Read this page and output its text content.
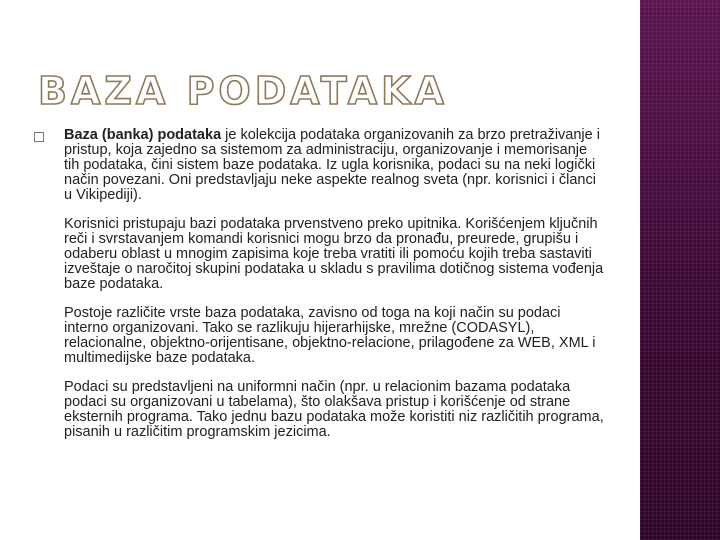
BAZA PODATAKA
Baza (banka) podataka je kolekcija podataka organizovanih za brzo pretraživanje i pristup, koja zajedno sa sistemom za administraciju, organizovanje i memorisanje tih podataka, čini sistem baze podataka. Iz ugla korisnika, podaci su na neki logički način povezani. Oni predstavljaju neke aspekte realnog sveta (npr. korisnici i članci u Vikipediji).
Korisnici pristupaju bazi podataka prvenstveno preko upitnika. Korišćenjem ključnih reči i svrstavanjem komandi korisnici mogu brzo da pronađu, preurede, grupišu i odaberu oblast u mnogim zapisima koje treba vratiti ili pomoću kojih treba sastaviti izveštaje o naročitoj skupini podataka u skladu s pravilima dotičnog sistema vođenja baze podataka.
Postoje različite vrste baza podataka, zavisno od toga na koji način su podaci interno organizovani. Tako se razlikuju hijerarhijske, mrežne (CODASYL), relacionalne, objektno-orijentisane, objektno-relacione, prilagođene za WEB, XML i multimedijske baze podataka.
Podaci su predstavljeni na uniformni način (npr. u relacionim bazama podataka podaci su organizovani u tabelama), što olakšava pristup i korišćenje od strane eksternih programa. Tako jednu bazu podataka može koristiti niz različitih programa, pisanih u različitim programskim jezicima.
